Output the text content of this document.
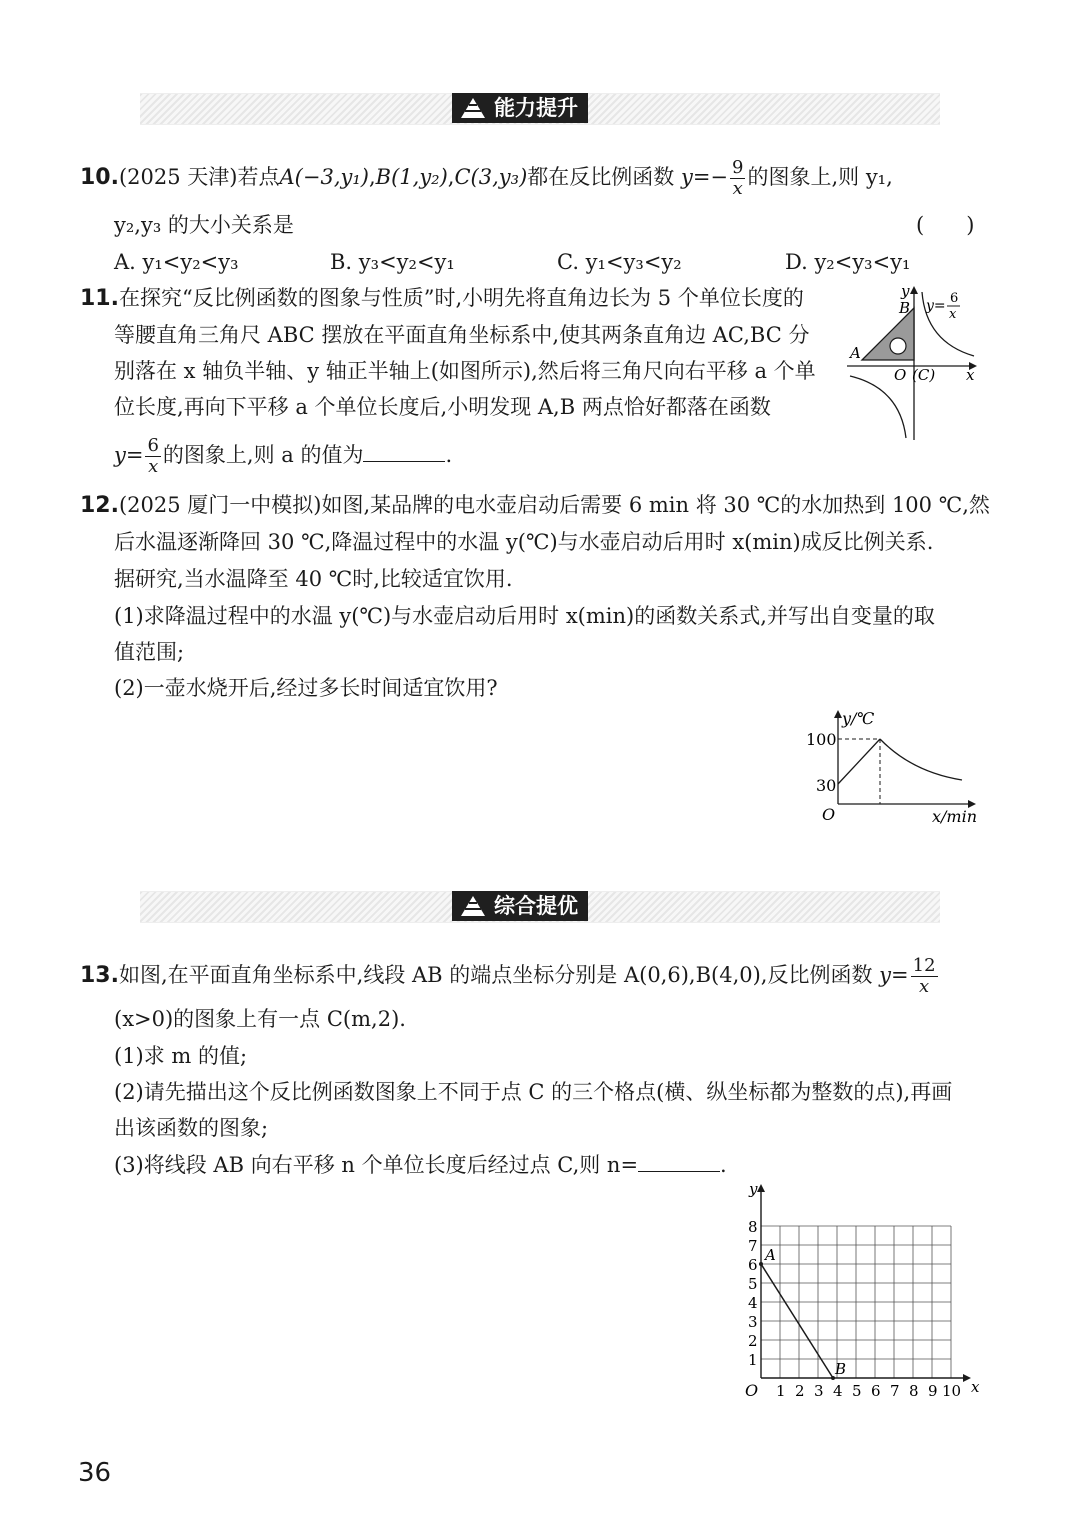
能力提升
10.(2025 天津)若点A(−3,y₁),B(1,y₂),C(3,y₃)都在反比例函数 $y=- \frac{9}{x}$ 的图象上,则 y₁,
y₂,y₃ 的大小关系是	(　　)
A. y₁<y₂<y₃	B. y₃<y₂<y₁	C. y₁<y₃<y₂	D. y₂<y₃<y₁
11.在探究“反比例函数的图象与性质”时,小明先将直角边长为 5 个单位长度的
等腰直角三角尺 ABC 摆放在平面直角坐标系中,使其两条直角边 AC,BC 分
别落在 x 轴负半轴、y 轴正半轴上(如图所示),然后将三角尺向右平移 a 个单
位长度,再向下平移 a 个单位长度后,小明发现 A,B 两点恰好都落在函数
$y= \frac{6}{x}$ 的图象上,则 a 的值为	.
y
B
A
O (C) x
y= 6
x
12.(2025 厦门一中模拟)如图,某品牌的电水壶启动后需要 6 min 将 30 ℃的水加热到 100 ℃,然
后水温逐渐降回 30 ℃,降温过程中的水温 y(℃)与水壶启动后用时 x(min)成反比例关系.
据研究,当水温降至 40 ℃时,比较适宜饮用.
(1)求降温过程中的水温 y(℃)与水壶启动后用时 x(min)的函数关系式,并写出自变量的取
值范围;
(2)一壶水烧开后,经过多长时间适宜饮用?
y/℃
100
30
O	x/min
综合提优
13.如图,在平面直角坐标系中,线段 AB 的端点坐标分别是 A(0,6),B(4,0),反比例函数 $y= \frac{12}{x}$
(x>0)的图象上有一点 C(m,2).
(1)求 m 的值;
(2)请先描出这个反比例函数图象上不同于点 C 的三个格点(横、纵坐标都为整数的点),再画
出该函数的图象;
(3)将线段 AB 向右平移 n 个单位长度后经过点 C,则 n=	.
A
B
O	x
y
1 2 3 4 5 6 7 8 9 10
1
2
3
4
5
6
7
8
36
